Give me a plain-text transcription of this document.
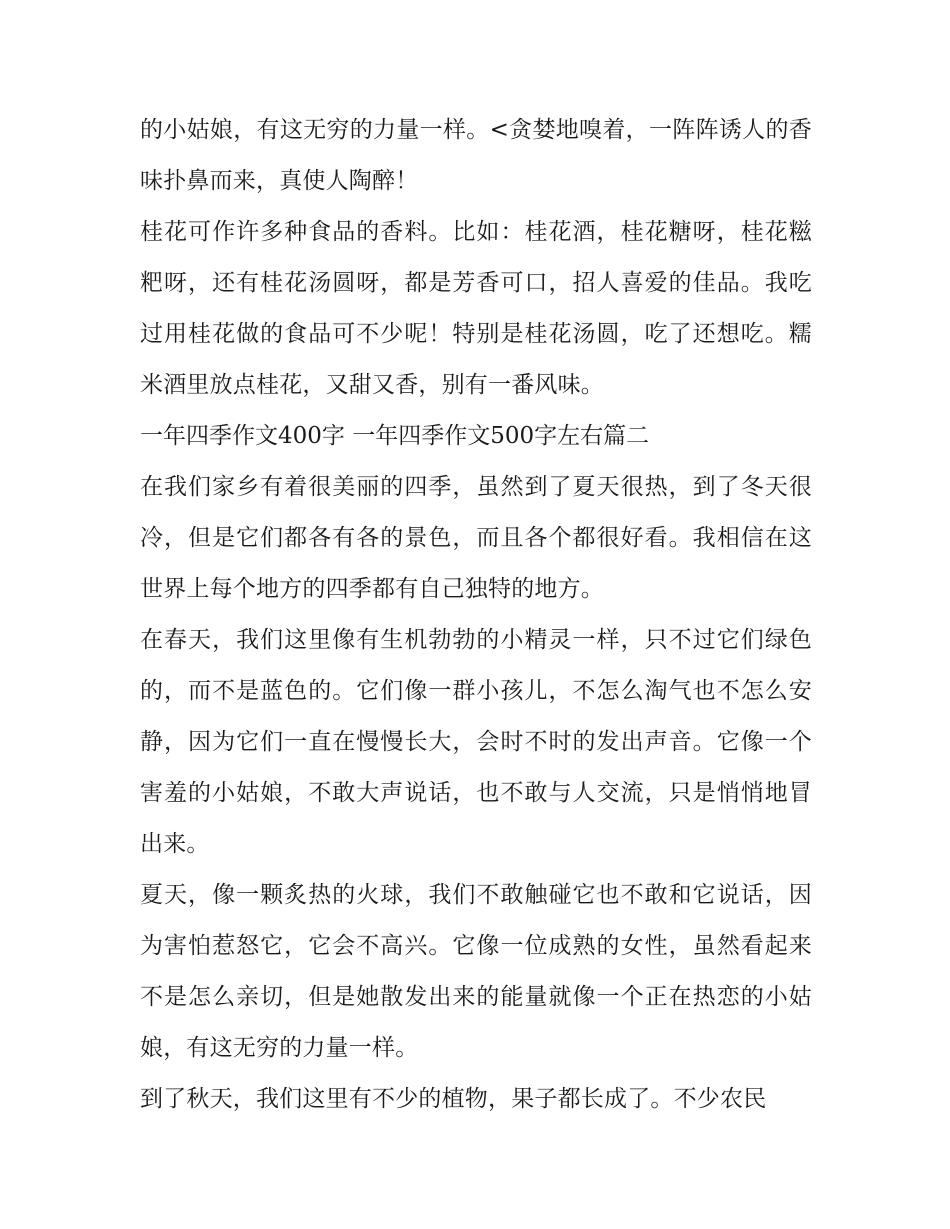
的小姑娘，有这无穷的力量一样。<贪婪地嗅着，一阵阵诱人的香味扑鼻而来，真使人陶醉！

桂花可作许多种食品的香料。比如：桂花酒，桂花糖呀，桂花糍粑呀，还有桂花汤圆呀，都是芳香可口，招人喜爱的佳品。我吃过用桂花做的食品可不少呢！特别是桂花汤圆，吃了还想吃。糯米酒里放点桂花，又甜又香，别有一番风味。

一年四季作文400字 一年四季作文500字左右篇二

在我们家乡有着很美丽的四季，虽然到了夏天很热，到了冬天很冷，但是它们都各有各的景色，而且各个都很好看。我相信在这世界上每个地方的四季都有自己独特的地方。

在春天，我们这里像有生机勃勃的小精灵一样，只不过它们绿色的，而不是蓝色的。它们像一群小孩儿，不怎么淘气也不怎么安静，因为它们一直在慢慢长大，会时不时的发出声音。它像一个害羞的小姑娘，不敢大声说话，也不敢与人交流，只是悄悄地冒出来。

夏天，像一颗炙热的火球，我们不敢触碰它也不敢和它说话，因为害怕惹怒它，它会不高兴。它像一位成熟的女性，虽然看起来不是怎么亲切，但是她散发出来的能量就像一个正在热恋的小姑娘，有这无穷的力量一样。

到了秋天，我们这里有不少的植物，果子都长成了。不少农民
